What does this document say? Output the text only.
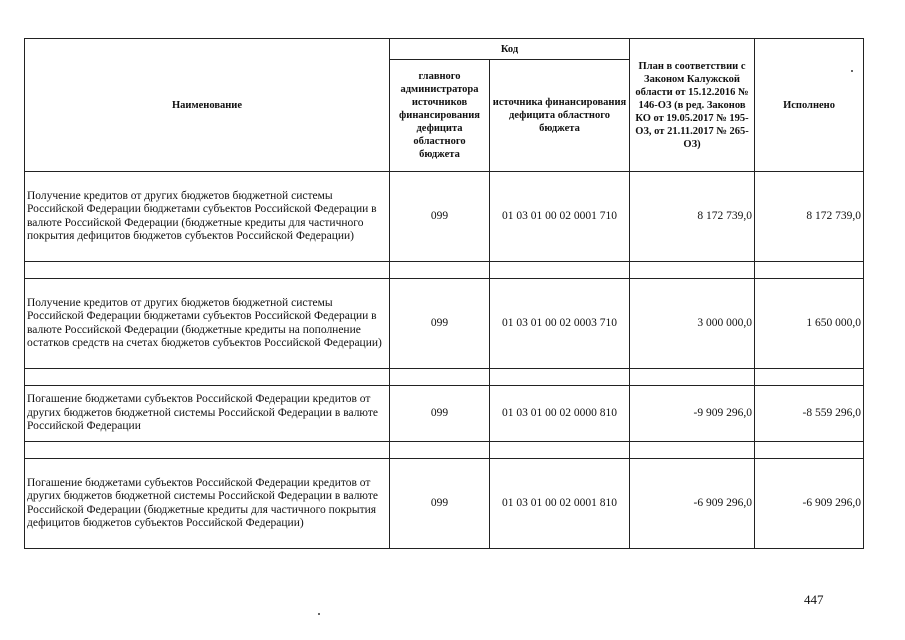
Наименование	Код		План в соответствии с Законом Калужской области от 15.12.2016 № 146-ОЗ (в ред. Законов КО от 19.05.2017 № 195-ОЗ, от 21.11.2017 № 265-ОЗ)	Исполнено
	главного администратора источников финансирования дефицита областного бюджета	источника финансирования дефицита областного бюджета		
Получение кредитов от других бюджетов бюджетной системы Российской Федерации бюджетами субъектов Российской Федерации в валюте Российской Федерации (бюджетные кредиты для частичного покрытия дефицитов бюджетов субъектов Российской Федерации)	099	01 03 01 00 02 0001 710	8 172 739,0	8 172 739,0

Получение кредитов от других бюджетов бюджетной системы Российской Федерации бюджетами субъектов Российской Федерации в валюте Российской Федерации (бюджетные кредиты на пополнение остатков средств на счетах бюджетов субъектов Российской Федерации)	099	01 03 01 00 02 0003 710	3 000 000,0	1 650 000,0

Погашение бюджетами субъектов Российской Федерации кредитов от других бюджетов бюджетной системы Российской Федерации в валюте Российской Федерации	099	01 03 01 00 02 0000 810	-9 909 296,0	-8 559 296,0

Погашение бюджетами субъектов Российской Федерации кредитов от других бюджетов бюджетной системы Российской Федерации в валюте Российской Федерации (бюджетные кредиты для частичного покрытия дефицитов бюджетов субъектов Российской Федерации)	099	01 03 01 00 02 0001 810	-6 909 296,0	-6 909 296,0
447
